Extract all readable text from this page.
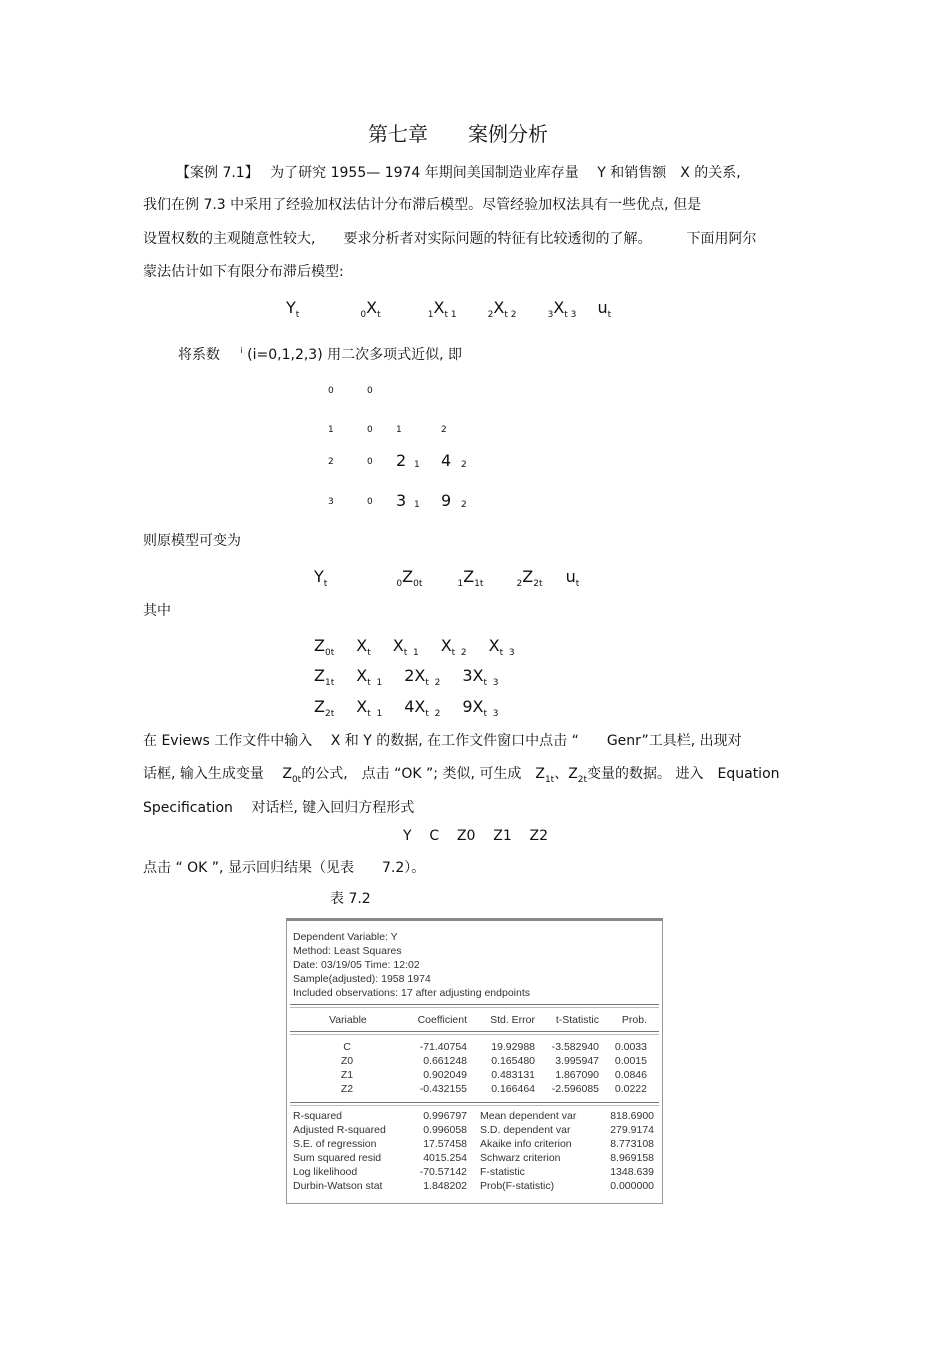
第七章　　案例分析
【案例 7.1】　 为了研究 1955— 1974 年期间美国制造业库存量　 Y 和销售额　X 的关系,
我们在例 7.3 中采用了经验加权法估计分布滞后模型。尽管经验加权法具有一些优点, 但是
设置权数的主观随意性较大,　　要求分析者对实际问题的特征有比较透彻的了解。　　　下面用阿尔
蒙法估计如下有限分布滞后模型:
$Y_t$	$_0X_t$	$_1X_{t 1}$	$_2X_{t 2}$	$_3X_{t 3}$ $u_t$
将系数	$^i$ (i=0,1,2,3) 用二次多项式近似, 即
0	0
1	0	1	2
2	0 2 1 4 2
3	0 3 1 9 2
则原模型可变为
$Y_t$	$_0Z_{0t}$	$_1Z_{1t}$	$_2Z_{2t}$ $u_t$
其中
$Z_{0t}$ $X_t$ $X_{t 1}$ $X_{t 2}$ $X_{t 3}$
$Z_{1t}$ $X_{t 1}$ $2X_{t 2}$ $3X_{t 3}$
$Z_{2t}$ $X_{t 1}$ $4X_{t 2}$ $9X_{t 3}$
在 Eviews 工作文件中输入　 X 和 Y 的数据, 在工作文件窗口中点击 “　　Genr”工具栏, 出现对
话框, 输入生成变量　 $Z_{0t}$的公式,　点击 “OK ”; 类似, 可生成　$Z_{1t}$、$Z_{2t}$变量的数据。 进入　Equation
Specification　 对话栏, 键入回归方程形式
Y    C    Z0    Z1    Z2
点击 “ OK ”, 显示回归结果（见表　　7.2）。
表 7.2
Dependent Variable: Y
Method: Least Squares
Date: 03/19/05 Time: 12:02
Sample(adjusted): 1958 1974
Included observations: 17 after adjusting endpoints
Variable	Coefficient Std. Error t-Statistic Prob.
C	-71.40754 19.92988 -3.582940 0.0033
Z0	0.661248 0.165480 3.995947 0.0015
Z1	0.902049 0.483131 1.867090 0.0846
Z2	-0.432155 0.166464 -2.596085 0.0222
R-squared	0.996797 Mean dependent var	818.6900
Adjusted R-squared	0.996058 S.D. dependent var	279.9174
S.E. of regression	17.57458 Akaike info criterion	8.773108
Sum squared resid	4015.254 Schwarz criterion	8.969158
Log likelihood	-70.57142 F-statistic	1348.639
Durbin-Watson stat	1.848202 Prob(F-statistic)	0.000000
